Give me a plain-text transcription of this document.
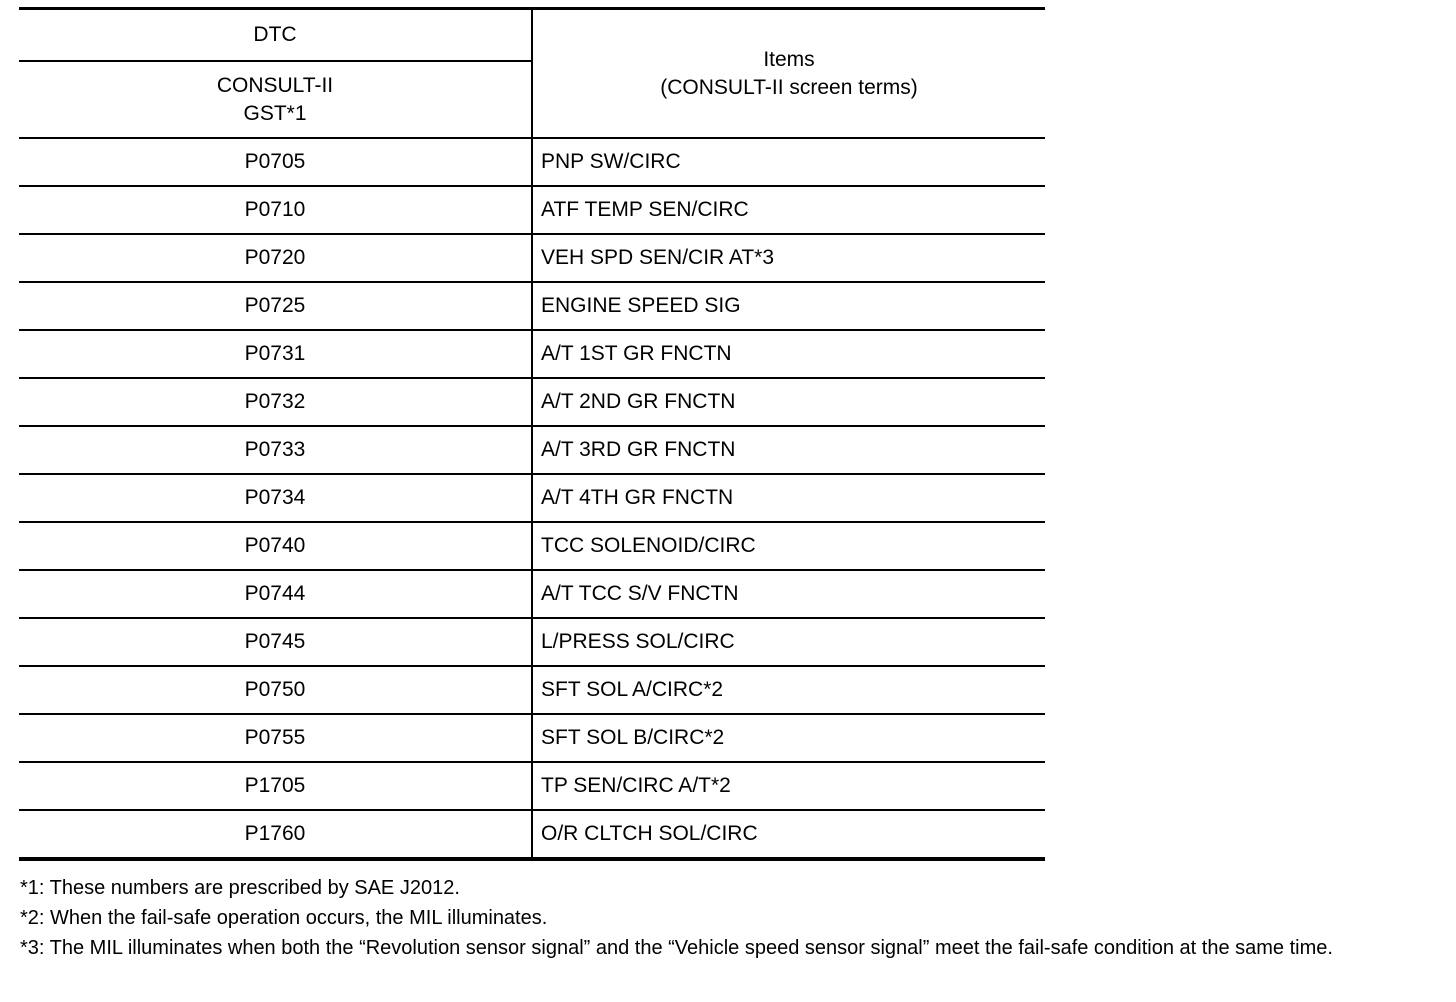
DTC	Items
(CONSULT-II screen terms)

CONSULT-II
GST*1	

P0705	PNP SW/CIRC
P0710	ATF TEMP SEN/CIRC
P0720	VEH SPD SEN/CIR AT*3
P0725	ENGINE SPEED SIG
P0731	A/T 1ST GR FNCTN
P0732	A/T 2ND GR FNCTN
P0733	A/T 3RD GR FNCTN
P0734	A/T 4TH GR FNCTN
P0740	TCC SOLENOID/CIRC
P0744	A/T TCC S/V FNCTN
P0745	L/PRESS SOL/CIRC
P0750	SFT SOL A/CIRC*2
P0755	SFT SOL B/CIRC*2
P1705	TP SEN/CIRC A/T*2
P1760	O/R CLTCH SOL/CIRC

*1: These numbers are prescribed by SAE J2012.

*2: When the fail-safe operation occurs, the MIL illuminates.

*3: The MIL illuminates when both the “Revolution sensor signal” and the “Vehicle speed sensor signal” meet the fail-safe condition at the same time.
